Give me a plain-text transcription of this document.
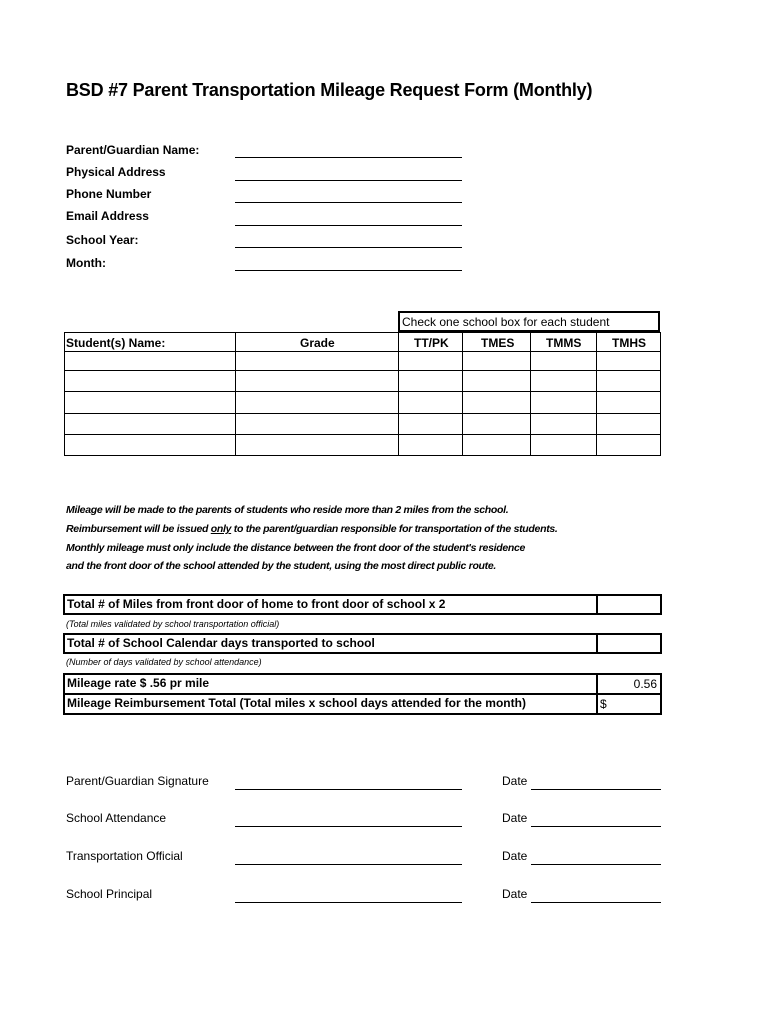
BSD #7 Parent Transportation Mileage Request Form (Monthly)
Parent/Guardian Name:
Physical Address
Phone Number
Email Address
School Year:
Month:
Check one school box for each student
Student(s) Name:	Grade	TT/PK	TMES	TMMS	TMHS
Mileage will be made to the parents of students who reside more than 2 miles from the school.
Reimbursement will be issued only to the parent/guardian responsible for transportation of the students.
Monthly mileage must only include the distance between the front door of the student's residence
and the front door of the school attended by the student, using the most direct public route.
Total # of Miles from front door of home to front door of school x 2
(Total miles validated by school transportation official)
Total # of School Calendar days transported to school
(Number of days validated by school attendance)
Mileage rate $ .56 pr mile	0.56
Mileage Reimbursement Total (Total miles x school days attended for the month)	$
Parent/Guardian Signature	Date
School Attendance	Date
Transportation Official	Date
School Principal	Date
